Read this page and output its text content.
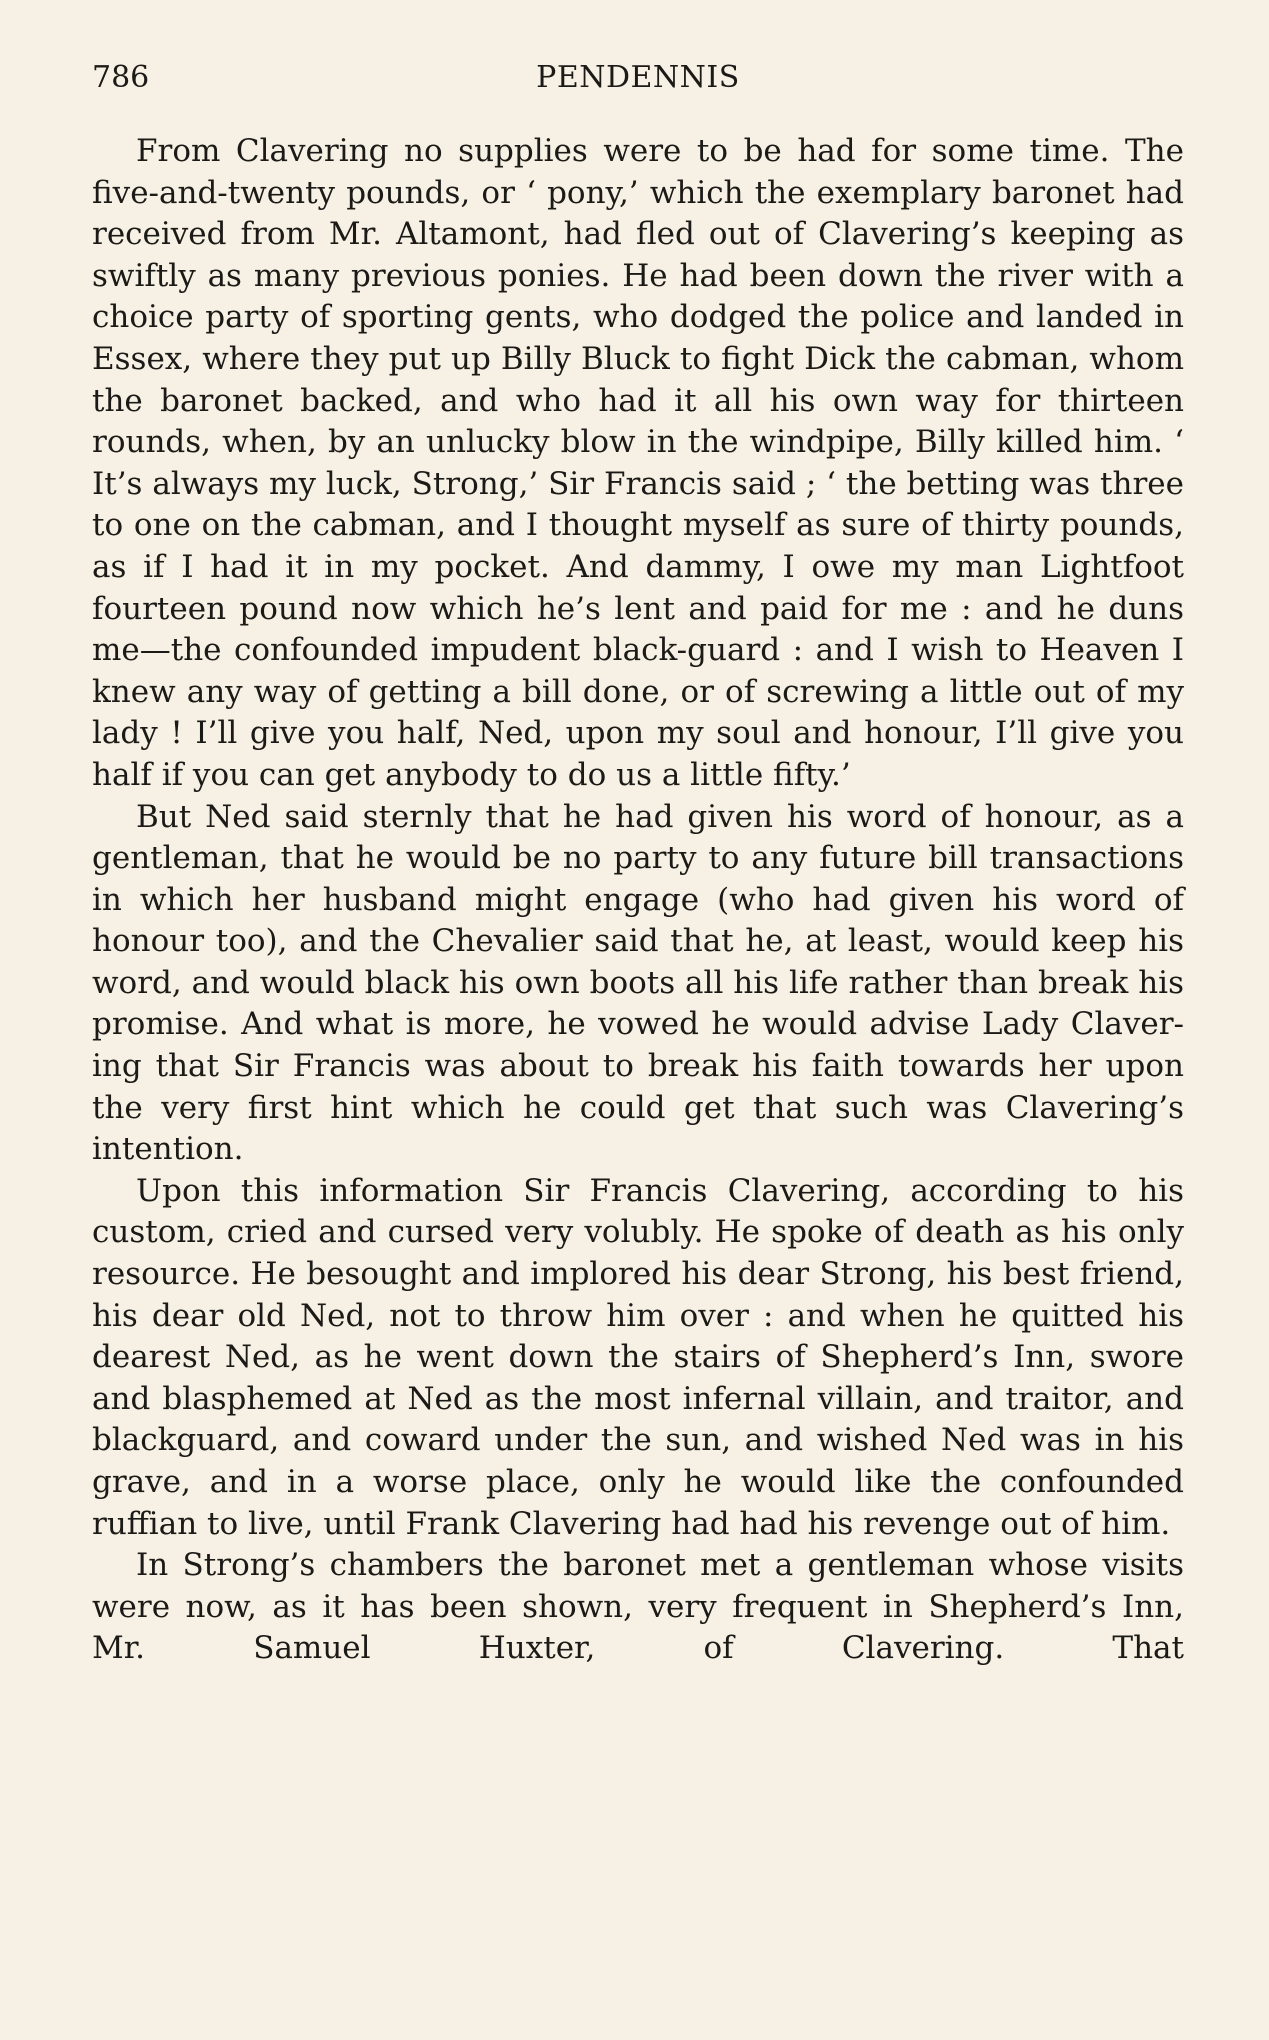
PENDENNIS
786

From Clavering no supplies were to be had for some time. The five-and-twenty pounds, or ‘ pony,’ which the exemplary baronet had received from Mr. Altamont, had fled out of Clavering’s keeping as swiftly as many previous ponies. He had been down the river with a choice party of sporting gents, who dodged the police and landed in Essex, where they put up Billy Bluck to fight Dick the cabman, whom the baronet backed, and who had it all his own way for thirteen rounds, when, by an unlucky blow in the windpipe, Billy killed him. ‘ It’s always my luck, Strong,’ Sir Francis said ; ‘ the betting was three to one on the cabman, and I thought myself as sure of thirty pounds, as if I had it in my pocket. And dammy, I owe my man Lightfoot fourteen pound now which he’s lent and paid for me : and he duns me—the confounded impudent black-guard : and I wish to Heaven I knew any way of getting a bill done, or of screwing a little out of my lady ! I’ll give you half, Ned, upon my soul and honour, I’ll give you half if you can get anybody to do us a little fifty.’

But Ned said sternly that he had given his word of honour, as a gentleman, that he would be no party to any future bill transactions in which her husband might engage (who had given his word of honour too), and the Chevalier said that he, at least, would keep his word, and would black his own boots all his life rather than break his promise. And what is more, he vowed he would advise Lady Claver-ing that Sir Francis was about to break his faith towards her upon the very first hint which he could get that such was Clavering’s intention.

Upon this information Sir Francis Clavering, according to his custom, cried and cursed very volubly. He spoke of death as his only resource. He besought and implored his dear Strong, his best friend, his dear old Ned, not to throw him over : and when he quitted his dearest Ned, as he went down the stairs of Shepherd’s Inn, swore and blasphemed at Ned as the most infernal villain, and traitor, and blackguard, and coward under the sun, and wished Ned was in his grave, and in a worse place, only he would like the confounded ruffian to live, until Frank Clavering had had his revenge out of him.

In Strong’s chambers the baronet met a gentleman whose visits were now, as it has been shown, very frequent in Shepherd’s Inn, Mr. Samuel Huxter, of Clavering. That
